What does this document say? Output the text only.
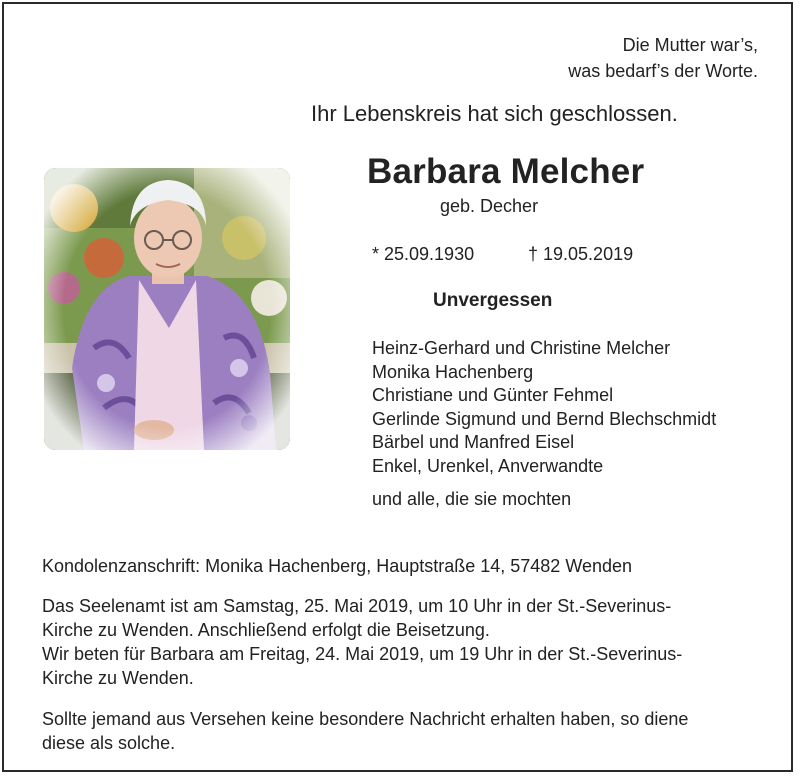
Die Mutter war’s,
was bedarf’s der Worte.
Ihr Lebenskreis hat sich geschlossen.
Barbara Melcher
geb. Decher
* 25.09.1930	† 19.05.2019
Unvergessen
Heinz-Gerhard und Christine Melcher
Monika Hachenberg
Christiane und Günter Fehmel
Gerlinde Sigmund und Bernd Blechschmidt
Bärbel und Manfred Eisel
Enkel, Urenkel, Anverwandte
und alle, die sie mochten
Kondolenzanschrift: Monika Hachenberg, Hauptstraße 14, 57482 Wenden
Das Seelenamt ist am Samstag, 25. Mai 2019, um 10 Uhr in der St.-Severinus-
Kirche zu Wenden. Anschließend erfolgt die Beisetzung.
Wir beten für Barbara am Freitag, 24. Mai 2019, um 19 Uhr in der St.-Severinus-
Kirche zu Wenden.
Sollte jemand aus Versehen keine besondere Nachricht erhalten haben, so diene
diese als solche.
